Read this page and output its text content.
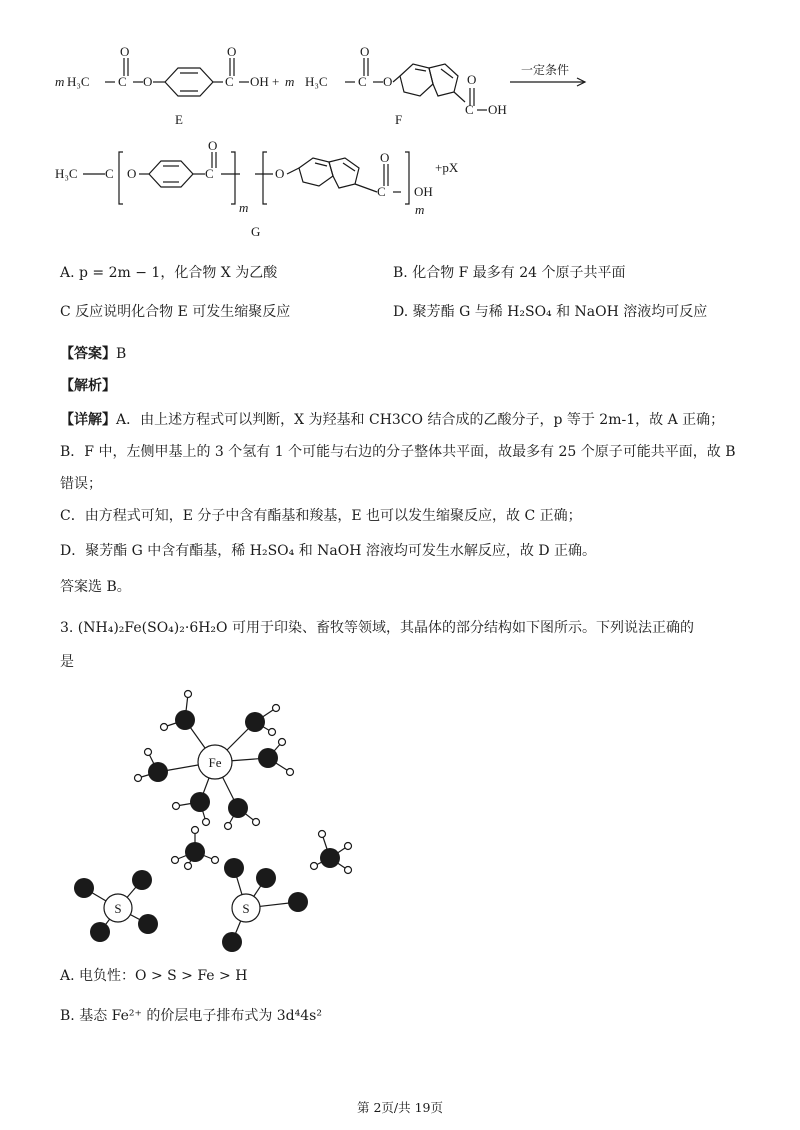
m H₃C C
O
O	C
O
OH + m H₃C C
O
O
C
O
OH
一定条件
E	F
H₃C C O	C
O
m
O
C
O
OH
m
+pX
G
A. p = 2m − 1，化合物 X 为乙酸	B. 化合物 F 最多有 24 个原子共平面
C 反应说明化合物 E 可发生缩聚反应	D. 聚芳酯 G 与稀 H₂SO₄ 和 NaOH 溶液均可反应
【答案】B
【解析】
【详解】A．由上述方程式可以判断，X 为羟基和 CH3CO 结合成的乙酸分子，p 等于 2m-1，故 A 正确；
B．F 中，左侧甲基上的 3 个氢有 1 个可能与右边的分子整体共平面，故最多有 25 个原子可能共平面，故 B
错误；
C．由方程式可知，E 分子中含有酯基和羧基，E 也可以发生缩聚反应，故 C 正确；
D．聚芳酯 G 中含有酯基，稀 H₂SO₄ 和 NaOH 溶液均可发生水解反应，故 D 正确。
答案选 B。
3. (NH₄)₂Fe(SO₄)₂·6H₂O 可用于印染、畜牧等领域，其晶体的部分结构如下图所示。下列说法正确的
是
Fe
S	S
A. 电负性：O > S > Fe > H
B. 基态 Fe²⁺ 的价层电子排布式为 3d⁴4s²
第 2页/共 19页
